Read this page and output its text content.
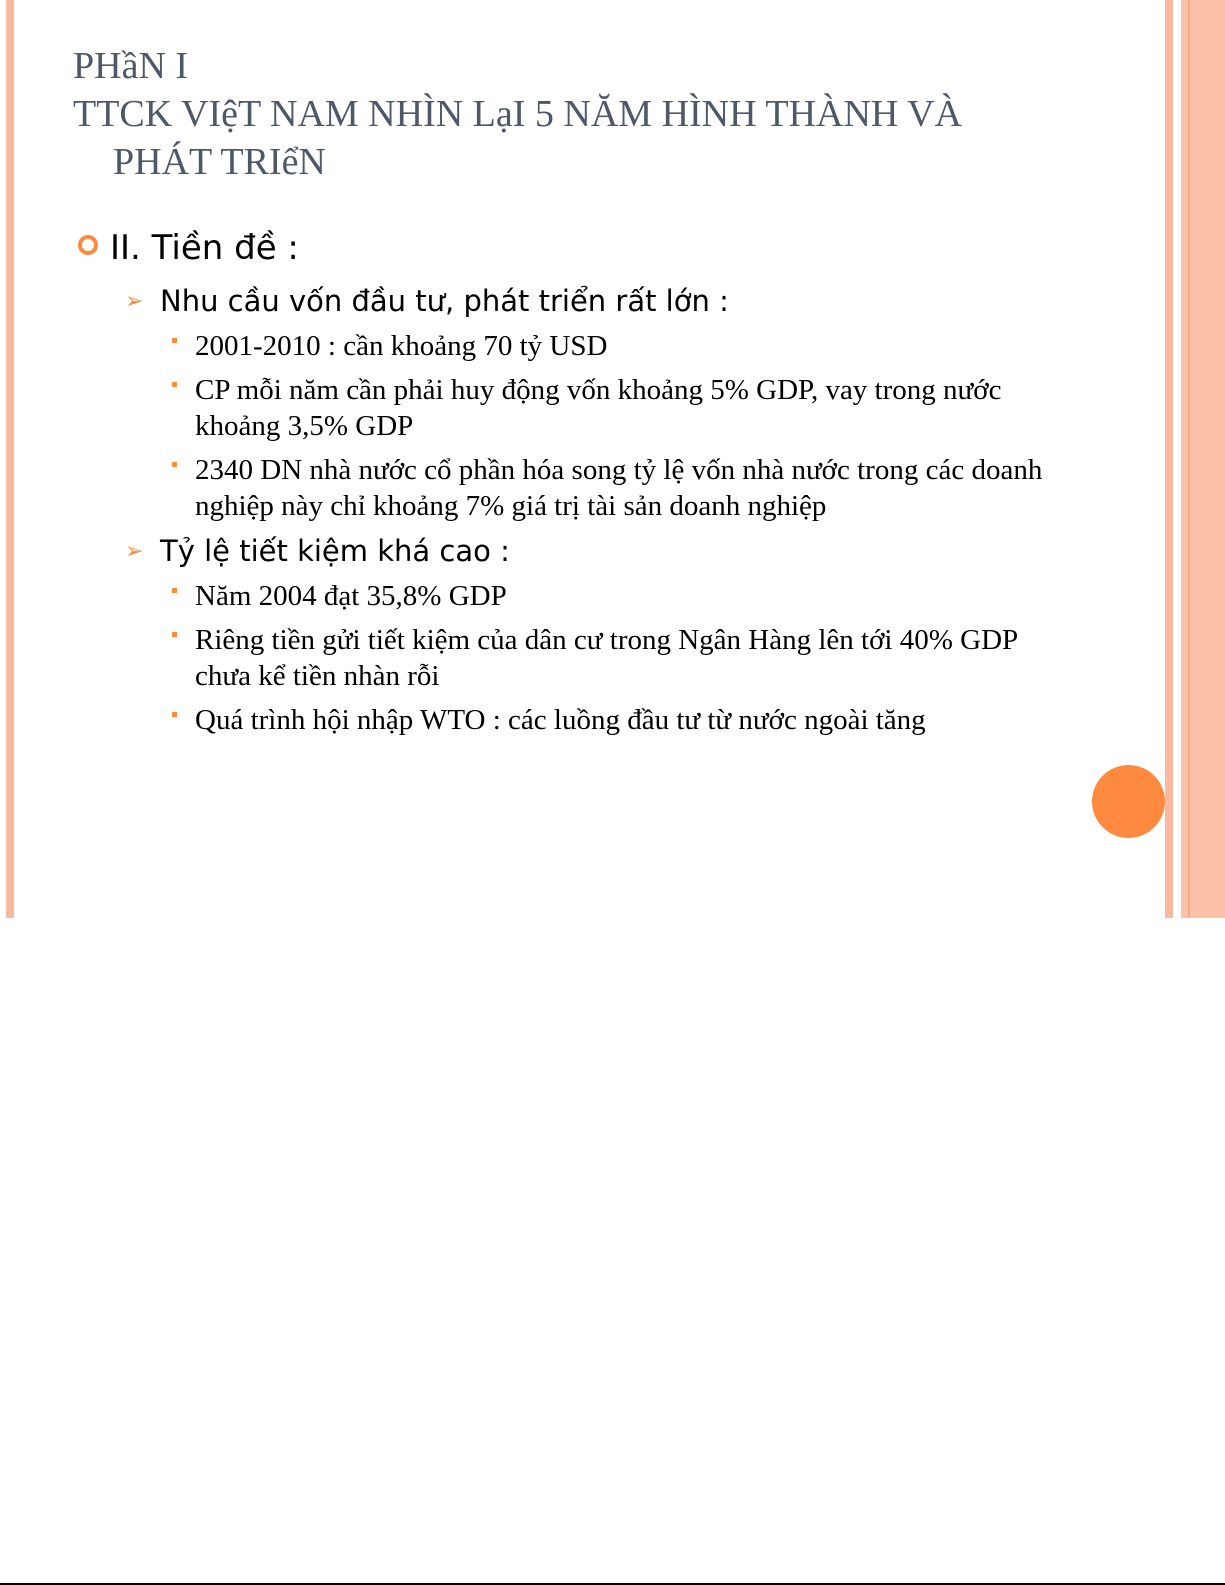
PHầN I
TTCK VIệT NAM NHÌN LạI 5 NĂM HÌNH THÀNH VÀ
PHÁT TRIểN
II. Tiền đề :
➢ Nhu cầu vốn đầu tư, phát triển rất lớn :
2001-2010 : cần khoảng 70 tỷ USD
CP mỗi năm cần phải huy động vốn khoảng 5% GDP, vay trong nước khoảng 3,5% GDP
2340 DN nhà nước cổ phần hóa song tỷ lệ vốn nhà nước trong các doanh nghiệp này chỉ khoảng 7% giá trị tài sản doanh nghiệp
➢ Tỷ lệ tiết kiệm khá cao :
Năm 2004 đạt 35,8% GDP
Riêng tiền gửi tiết kiệm của dân cư trong Ngân Hàng lên tới 40% GDP chưa kể tiền nhàn rỗi
Quá trình hội nhập WTO : các luồng đầu tư từ nước ngoài tăng
